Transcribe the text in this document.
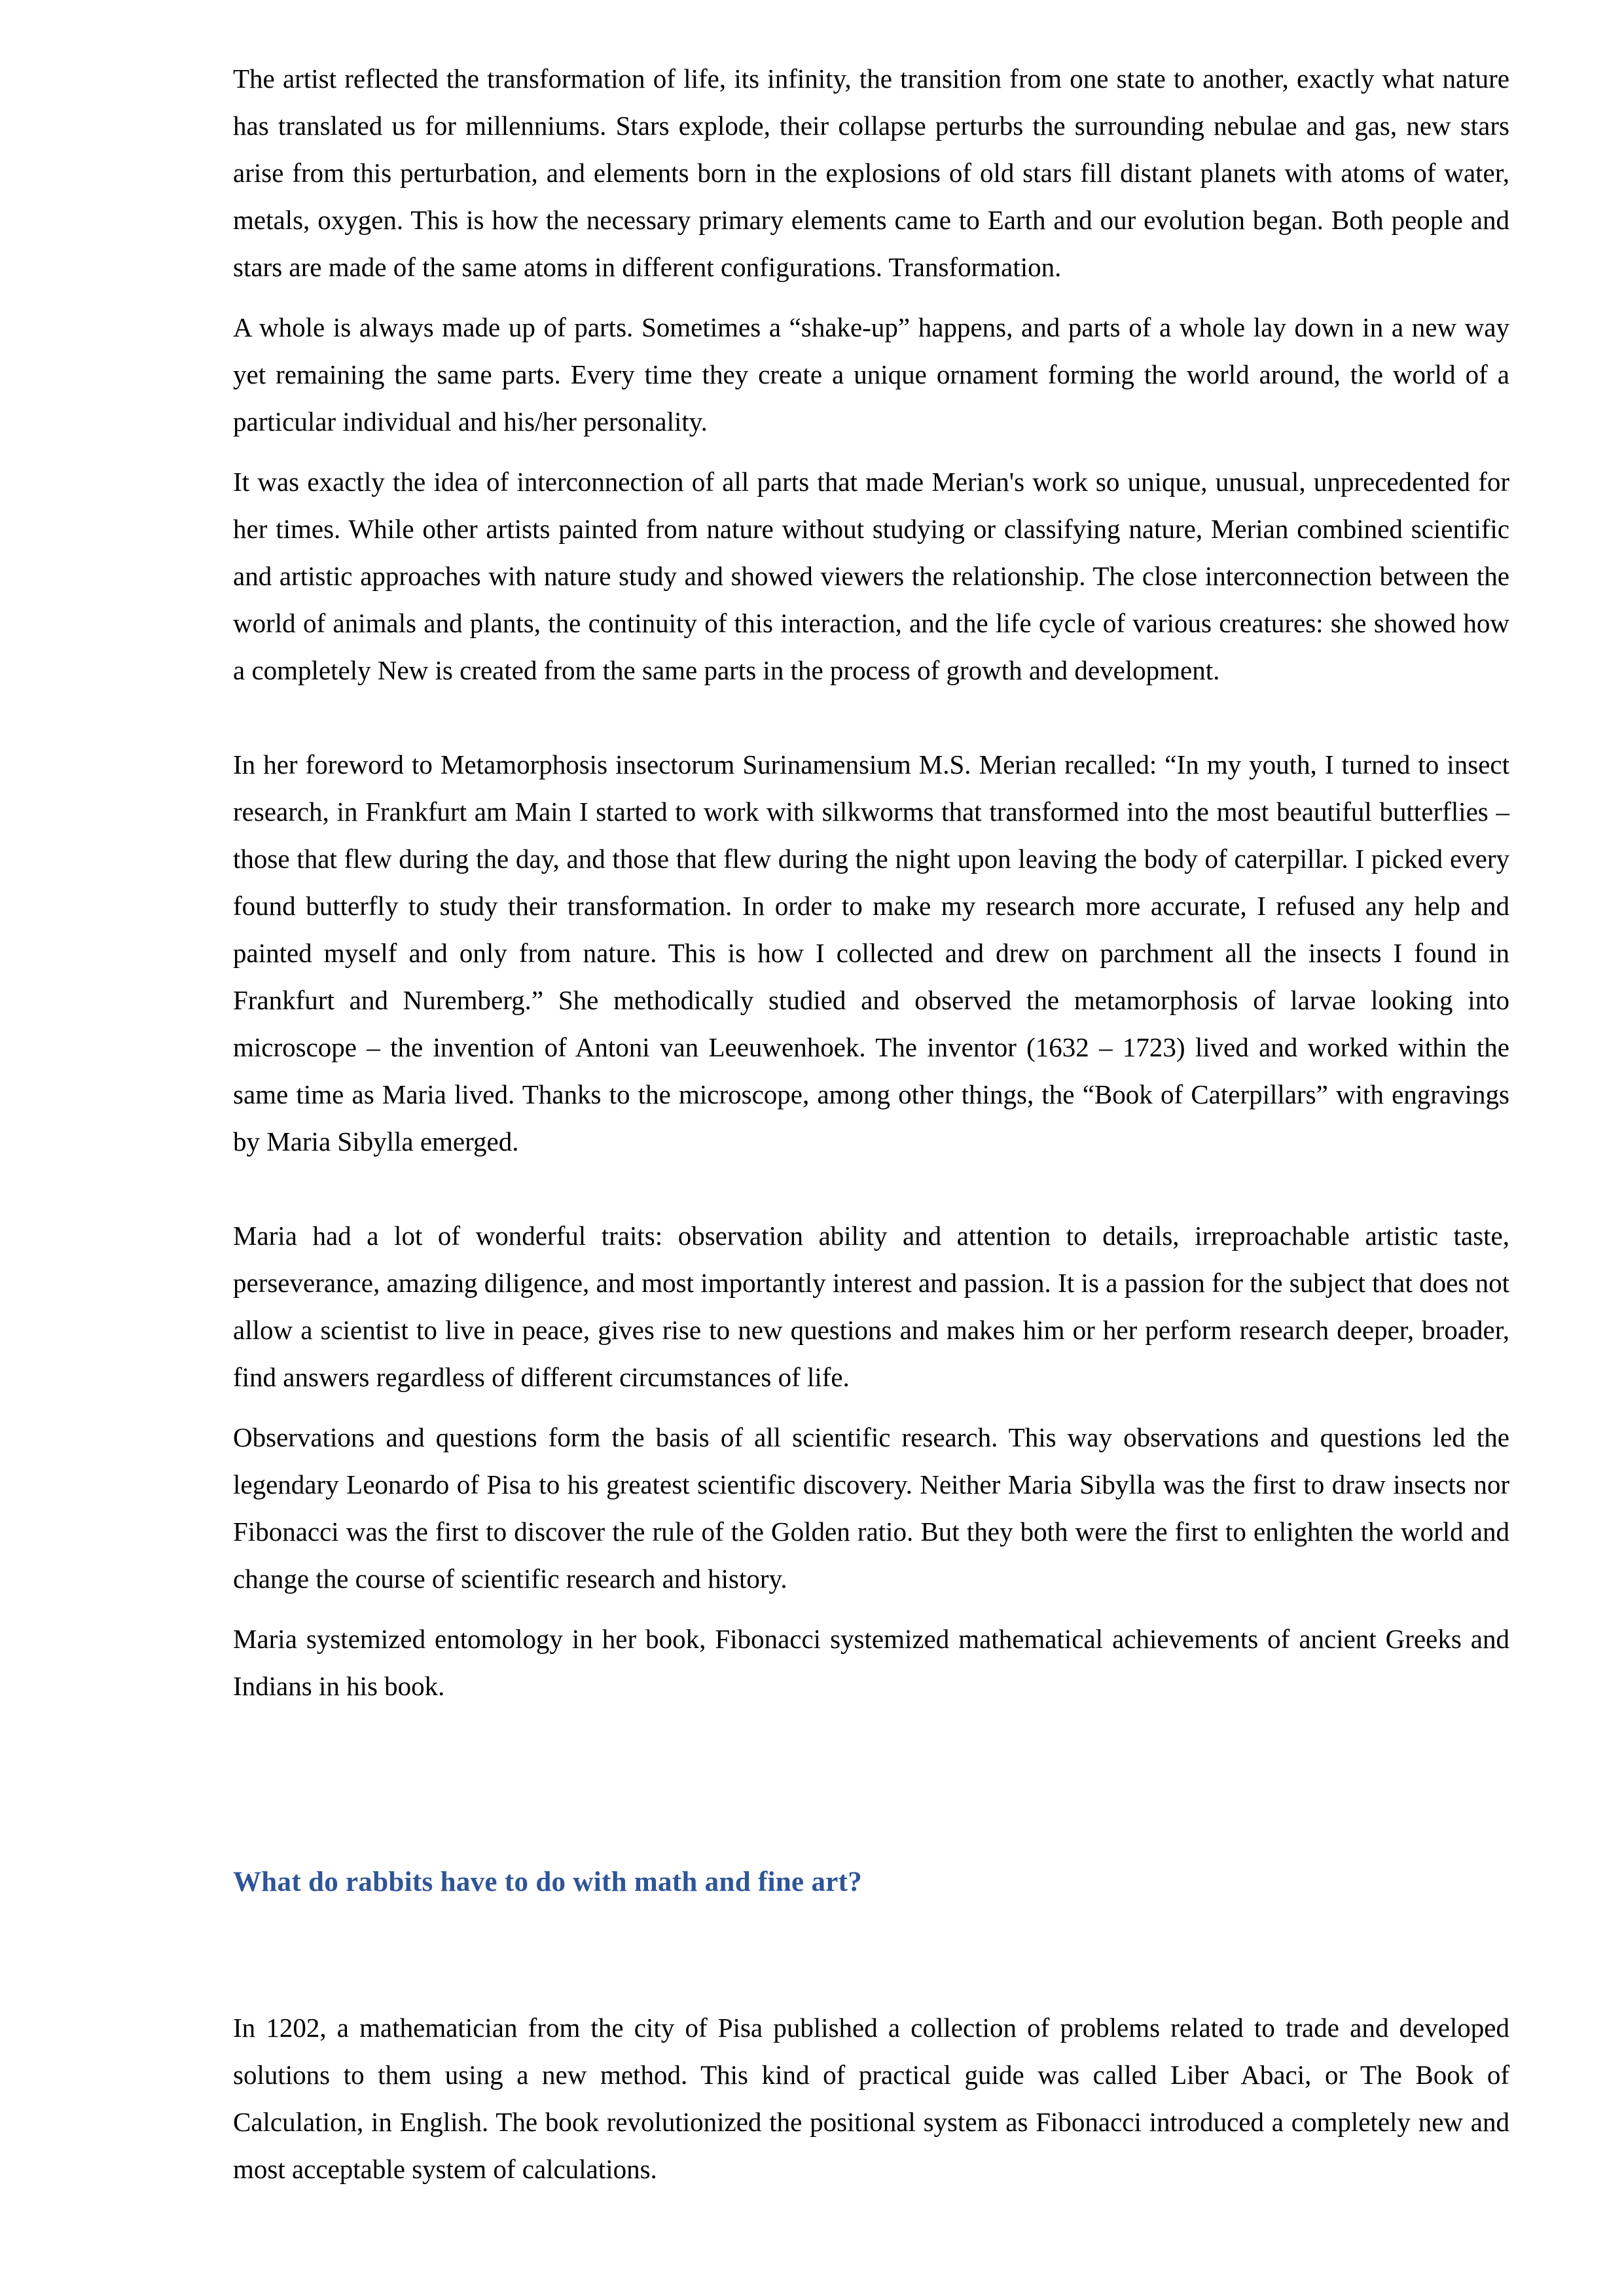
The artist reflected the transformation of life, its infinity, the transition from one state to another, exactly what nature has translated us for millenniums. Stars explode, their collapse perturbs the surrounding nebulae and gas, new stars arise from this perturbation, and elements born in the explosions of old stars fill distant planets with atoms of water, metals, oxygen. This is how the necessary primary elements came to Earth and our evolution began. Both people and stars are made of the same atoms in different configurations. Transformation.

A whole is always made up of parts. Sometimes a “shake-up” happens, and parts of a whole lay down in a new way yet remaining the same parts. Every time they create a unique ornament forming the world around, the world of a particular individual and his/her personality.

It was exactly the idea of interconnection of all parts that made Merian's work so unique, unusual, unprecedented for her times. While other artists painted from nature without studying or classifying nature, Merian combined scientific and artistic approaches with nature study and showed viewers the relationship. The close interconnection between the world of animals and plants, the continuity of this interaction, and the life cycle of various creatures: she showed how a completely New is created from the same parts in the process of growth and development.

In her foreword to Metamorphosis insectorum Surinamensium M.S. Merian recalled: “In my youth, I turned to insect research, in Frankfurt am Main I started to work with silkworms that transformed into the most beautiful butterflies – those that flew during the day, and those that flew during the night upon leaving the body of caterpillar. I picked every found butterfly to study their transformation. In order to make my research more accurate, I refused any help and painted myself and only from nature. This is how I collected and drew on parchment all the insects I found in Frankfurt and Nuremberg.” She methodically studied and observed the metamorphosis of larvae looking into microscope – the invention of Antoni van Leeuwenhoek. The inventor (1632 – 1723) lived and worked within the same time as Maria lived. Thanks to the microscope, among other things, the “Book of Caterpillars” with engravings by Maria Sibylla emerged.

Maria had a lot of wonderful traits: observation ability and attention to details, irreproachable artistic taste, perseverance, amazing diligence, and most importantly interest and passion. It is a passion for the subject that does not allow a scientist to live in peace, gives rise to new questions and makes him or her perform research deeper, broader, find answers regardless of different circumstances of life.

Observations and questions form the basis of all scientific research. This way observations and questions led the legendary Leonardo of Pisa to his greatest scientific discovery. Neither Maria Sibylla was the first to draw insects nor Fibonacci was the first to discover the rule of the Golden ratio. But they both were the first to enlighten the world and change the course of scientific research and history.

Maria systemized entomology in her book, Fibonacci systemized mathematical achievements of ancient Greeks and Indians in his book.

What do rabbits have to do with math and fine art?

In 1202, a mathematician from the city of Pisa published a collection of problems related to trade and developed solutions to them using a new method. This kind of practical guide was called Liber Abaci, or The Book of Calculation, in English. The book revolutionized the positional system as Fibonacci introduced a completely new and most acceptable system of calculations.
